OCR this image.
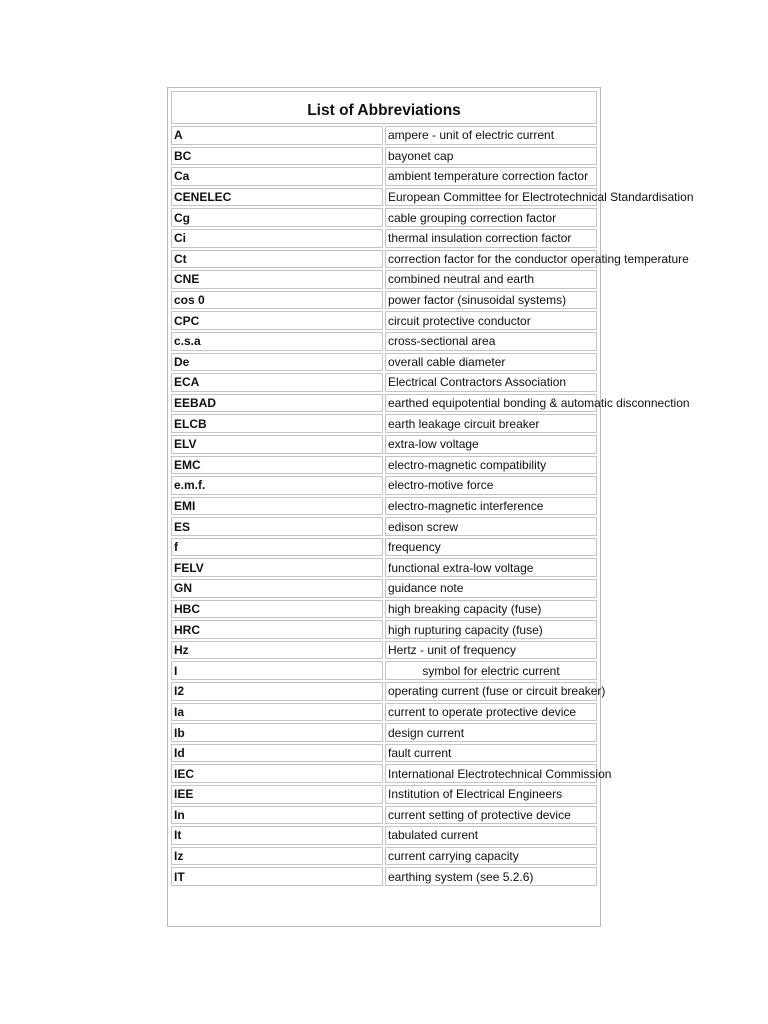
List of Abbreviations	
A	ampere - unit of electric current
BC	bayonet cap
Ca	ambient temperature correction factor
CENELEC	European Committee for Electrotechnical Standardisation
Cg	cable grouping correction factor
Ci	thermal insulation correction factor
Ct	correction factor for the conductor operating temperature
CNE	combined neutral and earth
cos 0	power factor (sinusoidal systems)
CPC	circuit protective conductor
c.s.a	cross-sectional area
De	overall cable diameter
ECA	Electrical Contractors Association
EEBAD	earthed equipotential bonding & automatic disconnection
ELCB	earth leakage circuit breaker
ELV	extra-low voltage
EMC	electro-magnetic compatibility
e.m.f.	electro-motive force
EMI	electro-magnetic interference
ES	edison screw
f	frequency
FELV	functional extra-low voltage
GN	guidance note
HBC	high breaking capacity (fuse)
HRC	high rupturing capacity (fuse)
Hz	Hertz - unit of frequency
I	symbol for electric current
I2	operating current (fuse or circuit breaker)
Ia	current to operate protective device
Ib	design current
Id	fault current
IEC	International Electrotechnical Commission
IEE	Institution of Electrical Engineers
In	current setting of protective device
It	tabulated current
Iz	current carrying capacity
IT	earthing system (see 5.2.6)
